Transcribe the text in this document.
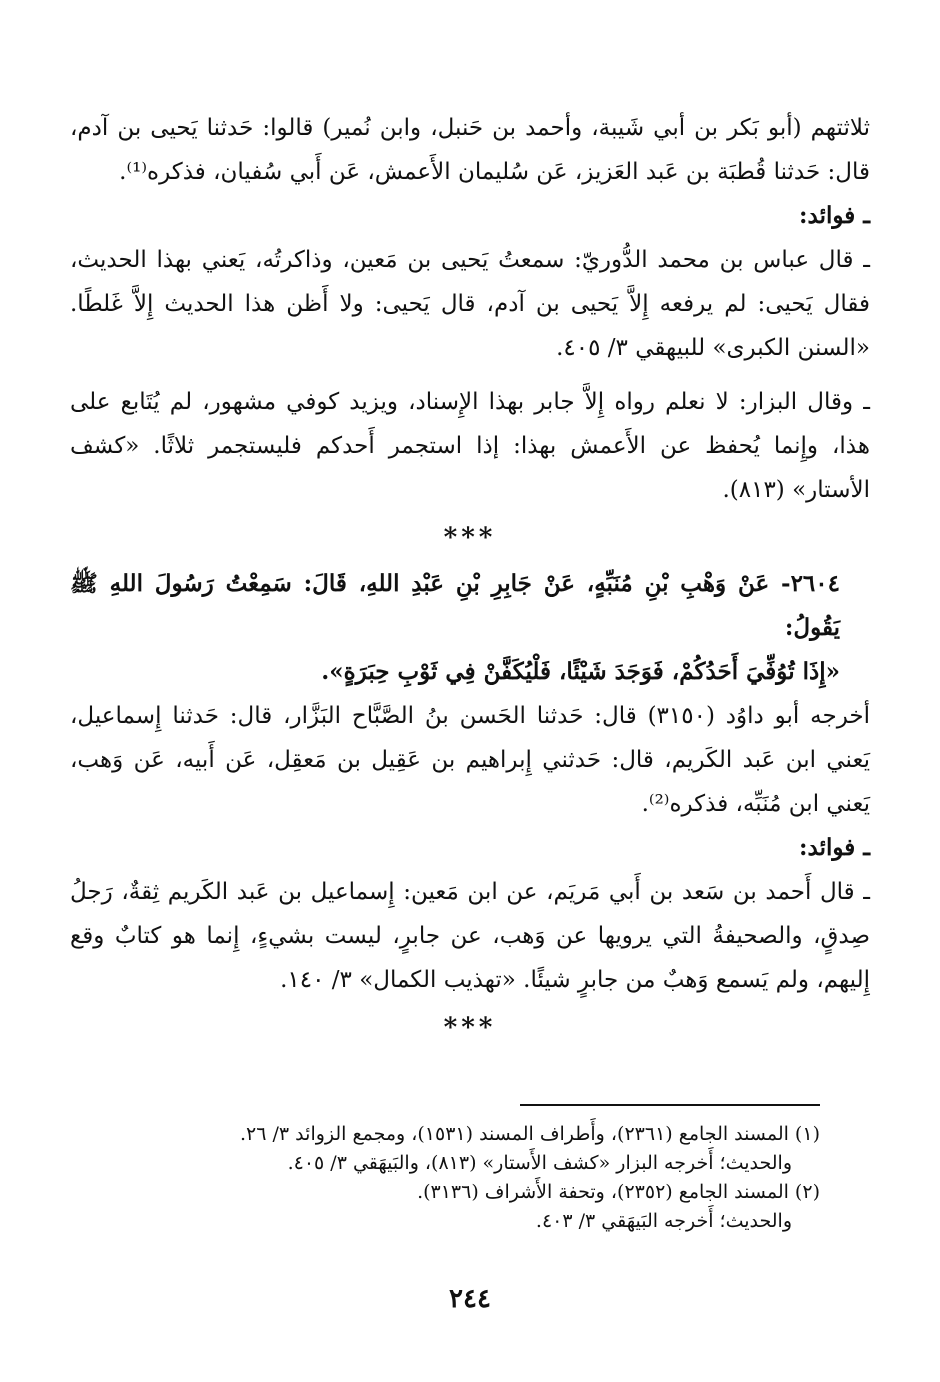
ثلاثتهم (أبو بَكر بن أبي شَيبة، وأحمد بن حَنبل، وابن نُمير) قالوا: حَدثنا يَحيى بن آدم، قال: حَدثنا قُطبَة بن عَبد العَزيز، عَن سُليمان الأَعمش، عَن أَبي سُفيان، فذكره⁽¹⁾.

ـ فوائد:

ـ قال عباس بن محمد الدُّوريّ: سمعتُ يَحيى بن مَعين، وذاكرتُه، يَعني بهذا الحديث، فقال يَحيى: لم يرفعه إِلاَّ يَحيى بن آدم، قال يَحيى: ولا أَظن هذا الحديث إِلاَّ غَلطًا. «السنن الكبرى» للبيهقي ٣/ ٤٠٥.

ـ وقال البزار: لا نعلم رواه إِلاَّ جابر بهذا الإِسناد، ويزيد كوفي مشهور، لم يُتَابع على هذا، وإِنما يُحفظ عن الأَعمش بهذا: إذا استجمر أَحدكم فليستجمر ثلاثًا. «كشف الأستار» (٨١٣).

***

٢٦٠٤- عَنْ وَهْبِ بْنِ مُنَبِّهٍ، عَنْ جَابِرِ بْنِ عَبْدِ اللهِ، قَالَ: سَمِعْتُ رَسُولَ اللهِ ﷺ يَقُولُ:

«إِذَا تُوُفِّيَ أَحَدُكُمْ، فَوَجَدَ شَيْئًا، فَلْيُكَفَّنْ فِي ثَوْبِ حِبَرَةٍ».

أخرجه أبو داوُد (٣١٥٠) قال: حَدثنا الحَسن بنُ الصَّبَّاح البَزَّار، قال: حَدثنا إِسماعيل، يَعني ابن عَبد الكَريم، قال: حَدثني إِبراهيم بن عَقِيل بن مَعقِل، عَن أَبيه، عَن وَهب، يَعني ابن مُنَبِّه، فذكره⁽²⁾.

ـ فوائد:

ـ قال أَحمد بن سَعد بن أَبي مَريَم، عن ابن مَعين: إِسماعيل بن عَبد الكَريم ثِقةٌ، رَجلُ صِدقٍ، والصحيفةُ التي يرويها عن وَهب، عن جابرٍ، ليست بشيءٍ، إِنما هو كتابٌ وقع إِليهم، ولم يَسمع وَهبٌ من جابرٍ شيئًا. «تهذيب الكمال» ٣/ ١٤٠.

***

(١) المسند الجامع (٢٣٦١)، وأَطراف المسند (١٥٣١)، ومجمع الزوائد ٣/ ٢٦.

والحديث؛ أَخرجه البزار «كشف الأَستار» (٨١٣)، والبَيهَقي ٣/ ٤٠٥.

(٢) المسند الجامع (٢٣٥٢)، وتحفة الأَشراف (٣١٣٦).

والحديث؛ أَخرجه البَيهَقي ٣/ ٤٠٣.

٢٤٤
